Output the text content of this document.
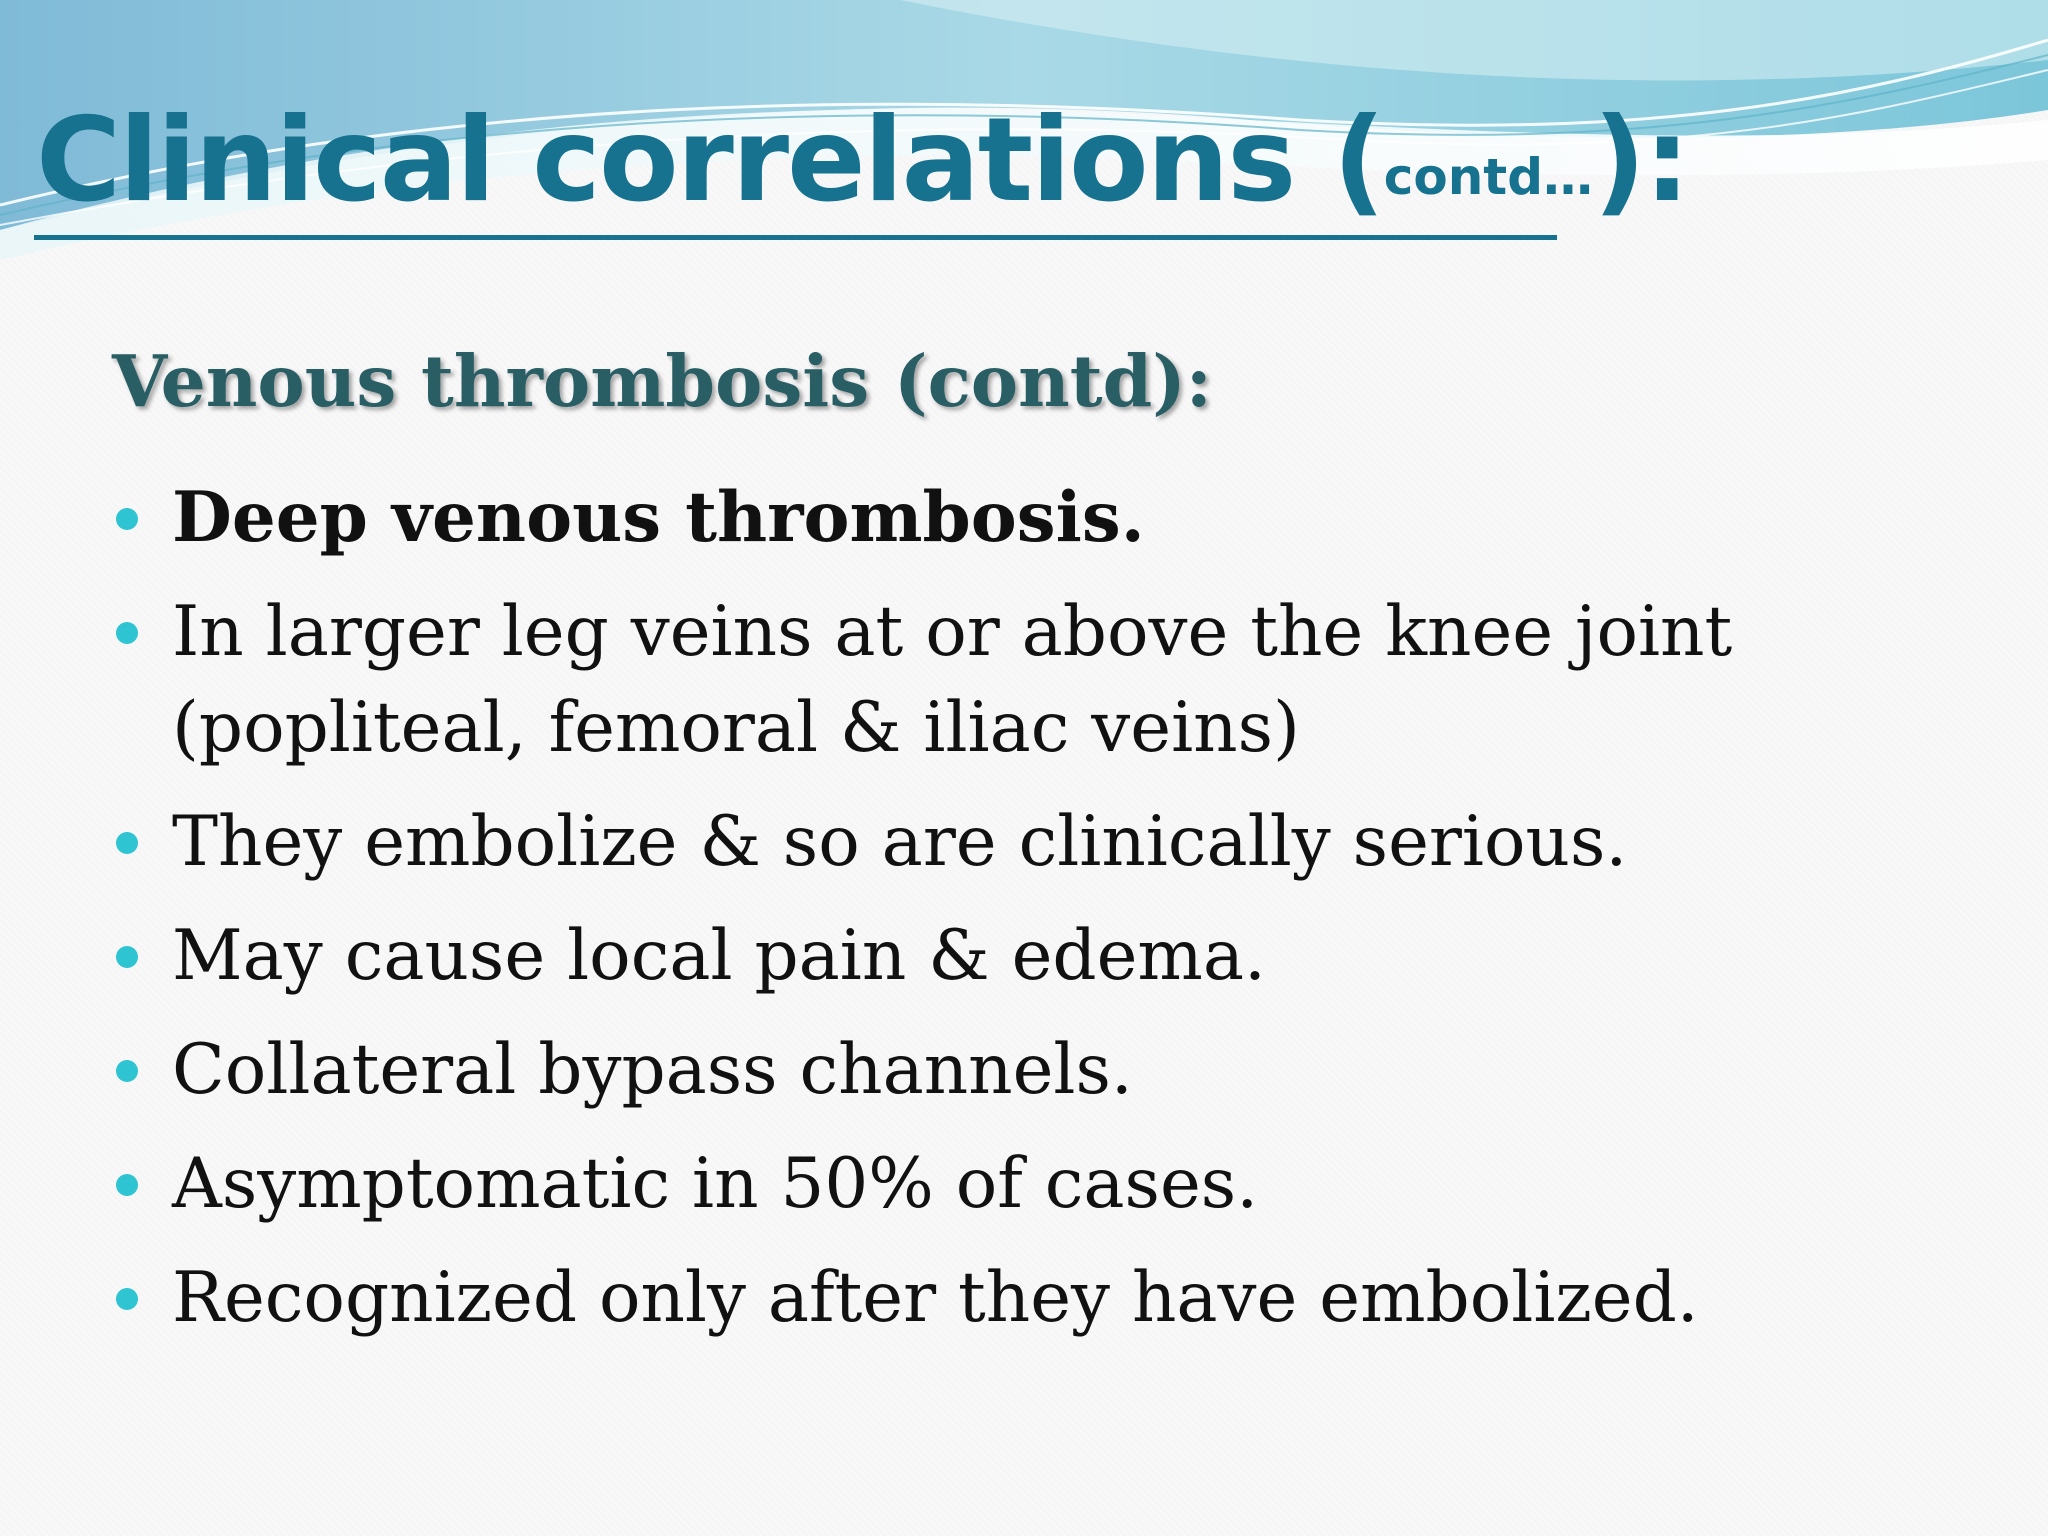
Clinical correlations (contd…):
Venous thrombosis (contd):
Deep venous thrombosis.
In larger leg veins at or above the knee joint (popliteal, femoral & iliac veins)
They embolize & so are clinically serious.
May cause local pain & edema.
Collateral bypass channels.
Asymptomatic in 50% of cases.
Recognized only after they have embolized.
